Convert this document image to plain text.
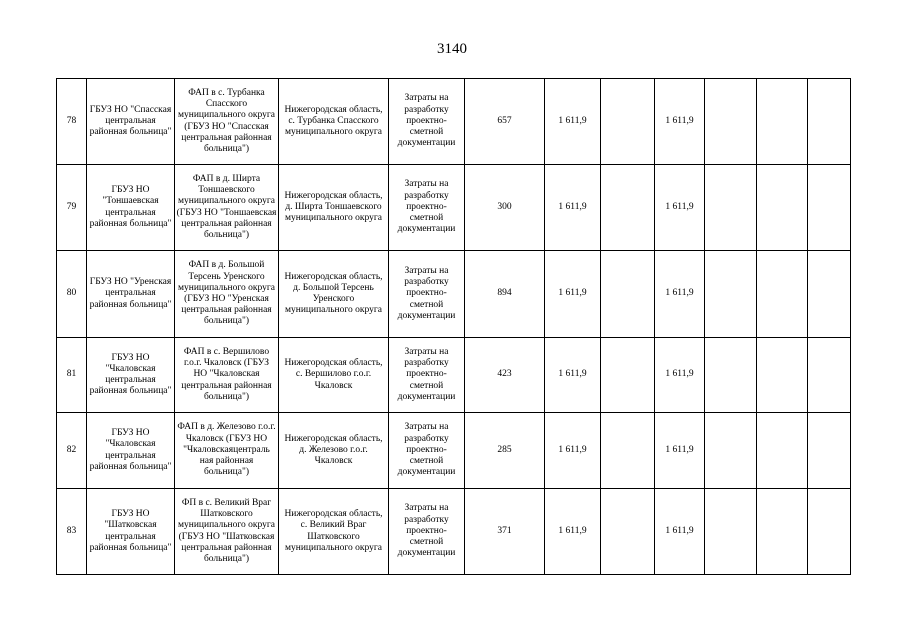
3140
78	ГБУЗ НО "Спасская центральная районная больница"	ФАП в с. Турбанка Спасского муниципального округа (ГБУЗ НО "Спасская центральная районная больница")	Нижегородская область, с. Турбанка Спасского муниципального округа	Затраты на разработку проектно-сметной документации	657	1 611,9		1 611,9			
79	ГБУЗ НО "Тоншаевская центральная районная больница"	ФАП в д. Ширта Тоншаевского муниципального округа (ГБУЗ НО "Тоншаевская центральная районная больница")	Нижегородская область, д. Ширта Тоншаевского муниципального округа	Затраты на разработку проектно-сметной документации	300	1 611,9		1 611,9			
80	ГБУЗ НО "Уренская центральная районная больница"	ФАП в д. Большой Терсень Уренского муниципального округа (ГБУЗ НО "Уренская центральная районная больница")	Нижегородская область, д. Большой Терсень Уренского муниципального округа	Затраты на разработку проектно-сметной документации	894	1 611,9		1 611,9			
81	ГБУЗ НО "Чкаловская центральная районная больница"	ФАП в с. Вершилово г.о.г. Чкаловск (ГБУЗ НО "Чкаловская центральная районная больница")	Нижегородская область, с. Вершилово г.о.г. Чкаловск	Затраты на разработку проектно-сметной документации	423	1 611,9		1 611,9			
82	ГБУЗ НО "Чкаловская центральная районная больница"	ФАП в д. Железово г.о.г. Чкаловск (ГБУЗ НО "Чкаловскаяцентраль ная районная больница")	Нижегородская область, д. Железово г.о.г. Чкаловск	Затраты на разработку проектно-сметной документации	285	1 611,9		1 611,9			
83	ГБУЗ НО "Шатковская центральная районная больница"	ФП в с. Великий Враг Шатковского муниципального округа (ГБУЗ НО "Шатковская центральная районная больница")	Нижегородская область, с. Великий Враг Шатковского муниципального округа	Затраты на разработку проектно-сметной документации	371	1 611,9		1 611,9			
